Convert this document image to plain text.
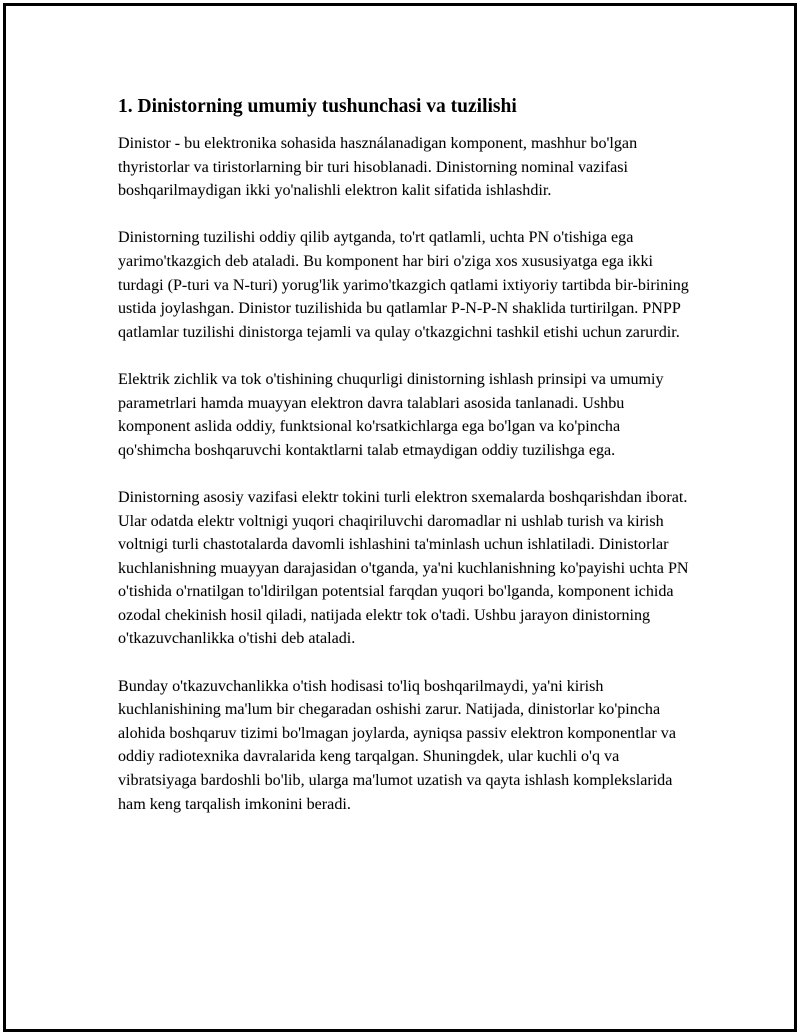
1. Dinistorning umumiy tushunchasi va tuzilishi

Dinistor - bu elektronika sohasida használanadigan komponent, mashhur bo'lgan thyristorlar va tiristorlarning bir turi hisoblanadi. Dinistorning nominal vazifasi boshqarilmaydigan ikki yo'nalishli elektron kalit sifatida ishlashdir.

Dinistorning tuzilishi oddiy qilib aytganda, to'rt qatlamli, uchta PN o'tishiga ega yarimo'tkazgich deb ataladi. Bu komponent har biri o'ziga xos xususiyatga ega ikki turdagi (P-turi va N-turi) yorug'lik yarimo'tkazgich qatlami ixtiyoriy tartibda bir-birining ustida joylashgan. Dinistor tuzilishida bu qatlamlar P-N-P-N shaklida turtirilgan. PNPP qatlamlar tuzilishi dinistorga tejamli va qulay o'tkazgichni tashkil etishi uchun zarurdir.

Elektrik zichlik va tok o'tishining chuqurligi dinistorning ishlash prinsipi va umumiy parametrlari hamda muayyan elektron davra talablari asosida tanlanadi. Ushbu komponent aslida oddiy, funktsional ko'rsatkichlarga ega bo'lgan va ko'pincha qo'shimcha boshqaruvchi kontaktlarni talab etmaydigan oddiy tuzilishga ega.

Dinistorning asosiy vazifasi elektr tokini turli elektron sxemalarda boshqarishdan iborat. Ular odatda elektr voltnigi yuqori chaqiriluvchi daromadlar ni ushlab turish va kirish voltnigi turli chastotalarda davomli ishlashini ta'minlash uchun ishlatiladi. Dinistorlar kuchlanishning muayyan darajasidan o'tganda, ya'ni kuchlanishning ko'payishi uchta PN o'tishida o'rnatilgan to'ldirilgan potentsial farqdan yuqori bo'lganda, komponent ichida ozodal chekinish hosil qiladi, natijada elektr tok o'tadi. Ushbu jarayon dinistorning o'tkazuvchanlikka o'tishi deb ataladi.

Bunday o'tkazuvchanlikka o'tish hodisasi to'liq boshqarilmaydi, ya'ni kirish kuchlanishining ma'lum bir chegaradan oshishi zarur. Natijada, dinistorlar ko'pincha alohida boshqaruv tizimi bo'lmagan joylarda, ayniqsa passiv elektron komponentlar va oddiy radiotexnika davralarida keng tarqalgan. Shuningdek, ular kuchli o'q va vibratsiyaga bardoshli bo'lib, ularga ma'lumot uzatish va qayta ishlash komplekslarida ham keng tarqalish imkonini beradi.
